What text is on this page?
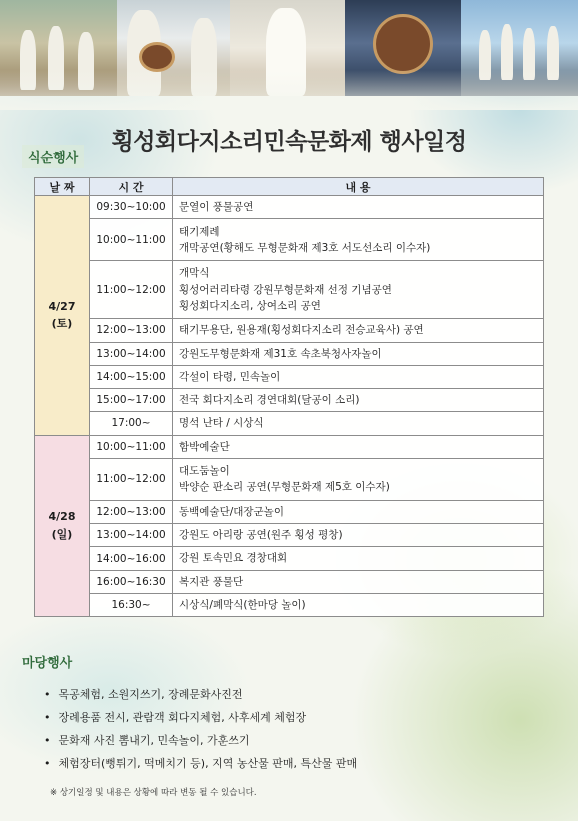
횡성회다지소리민속문화제 행사일정
식순행사
날 짜	시 간	내 용
4/27
(토)	09:30~10:00	문열이 풍물공연

	10:00~11:00	태기제례
개막공연(황해도 무형문화재 제3호 서도선소리 이수자)

	11:00~12:00	개막식
횡성어러리타령 강원무형문화재 선정 기념공연
횡성회다지소리, 상여소리 공연

	12:00~13:00	태기무용단, 원용재(횡성회다지소리 전승교육사) 공연

	13:00~14:00	강원도무형문화재 제31호 속초북청사자놀이

	14:00~15:00	각설이 타령, 민속놀이

	15:00~17:00	전국 회다지소리 경연대회(달공이 소리)

	17:00~	명석 난타 / 시상식

4/28
(일)	10:00~11:00	함박예술단

	11:00~12:00	대도둠놀이
박양순 판소리 공연(무형문화재 제5호 이수자)

	12:00~13:00	동백예술단/대장군놀이

	13:00~14:00	강원도 아리랑 공연(원주 횡성 평창)

	14:00~16:00	강원 토속민요 경창대회

	16:00~16:30	복지관 풍물단

	16:30~	시상식/폐막식(한마당 놀이)
마당행사
• 목공체험, 소원지쓰기, 장례문화사진전
• 장례용품 전시, 관람객 회다지체험, 사후세계 체험장
• 문화재 사진 뽐내기, 민속놀이, 가훈쓰기
• 체험장터(뻥튀기, 떡메치기 등), 지역 농산물 판매, 특산물 판매
※ 상기일정 및 내용은 상황에 따라 변동 될 수 있습니다.
